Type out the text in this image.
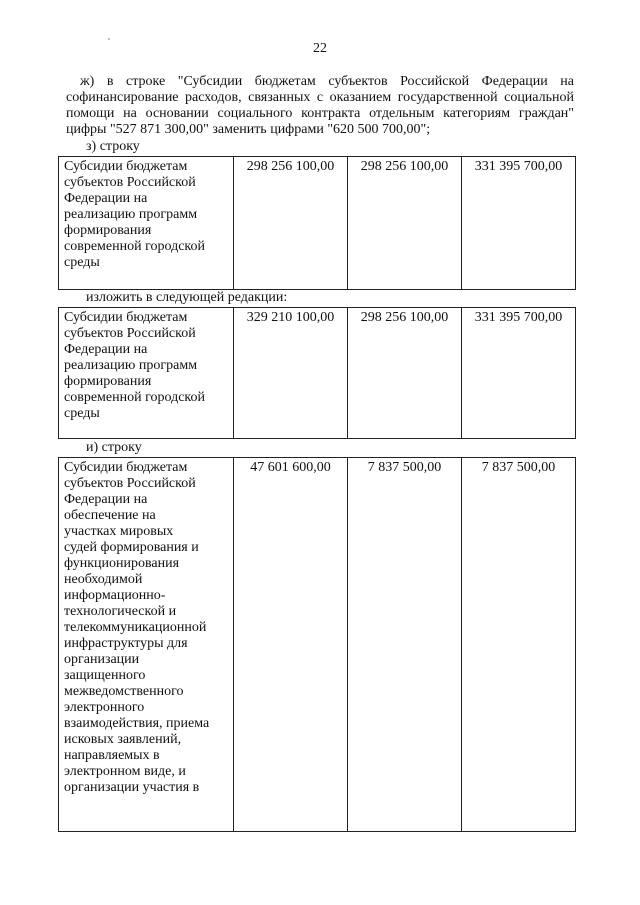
22
ж) в строке "Субсидии бюджетам субъектов Российской Федерации на
софинансирование расходов, связанных с оказанием государственной социальной
помощи на основании социального контракта отдельным категориям граждан"
цифры "527 871 300,00" заменить цифрами "620 500 700,00";
з) строку
Субсидии бюджетам
субъектов Российской
Федерации на
реализацию программ
формирования
современной городской
среды
	298 256 100,00	298 256 100,00	331 395 700,00
изложить в следующей редакции:
Субсидии бюджетам
субъектов Российской
Федерации на
реализацию программ
формирования
современной городской
среды
	329 210 100,00	298 256 100,00	331 395 700,00
и) строку
Субсидии бюджетам
субъектов Российской
Федерации на
обеспечение на
участках мировых
судей формирования и
функционирования
необходимой
информационно-
технологической и
телекоммуникационной
инфраструктуры для
организации
защищенного
межведомственного
электронного
взаимодействия, приема
исковых заявлений,
направляемых в
электронном виде, и
организации участия в
	47 601 600,00	7 837 500,00	7 837 500,00
